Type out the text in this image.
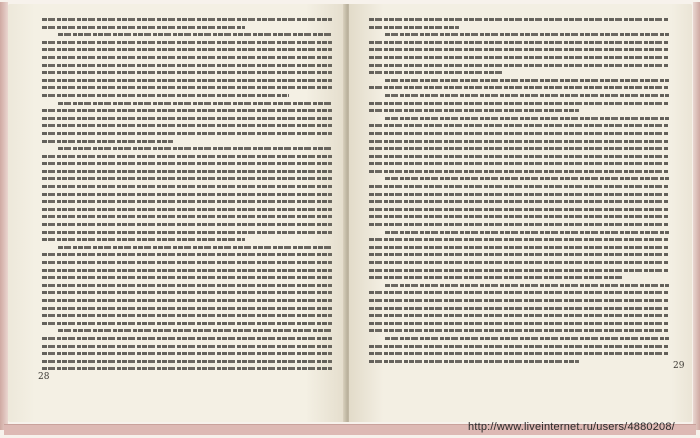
28
29
http://www.liveinternet.ru/users/4880208/
